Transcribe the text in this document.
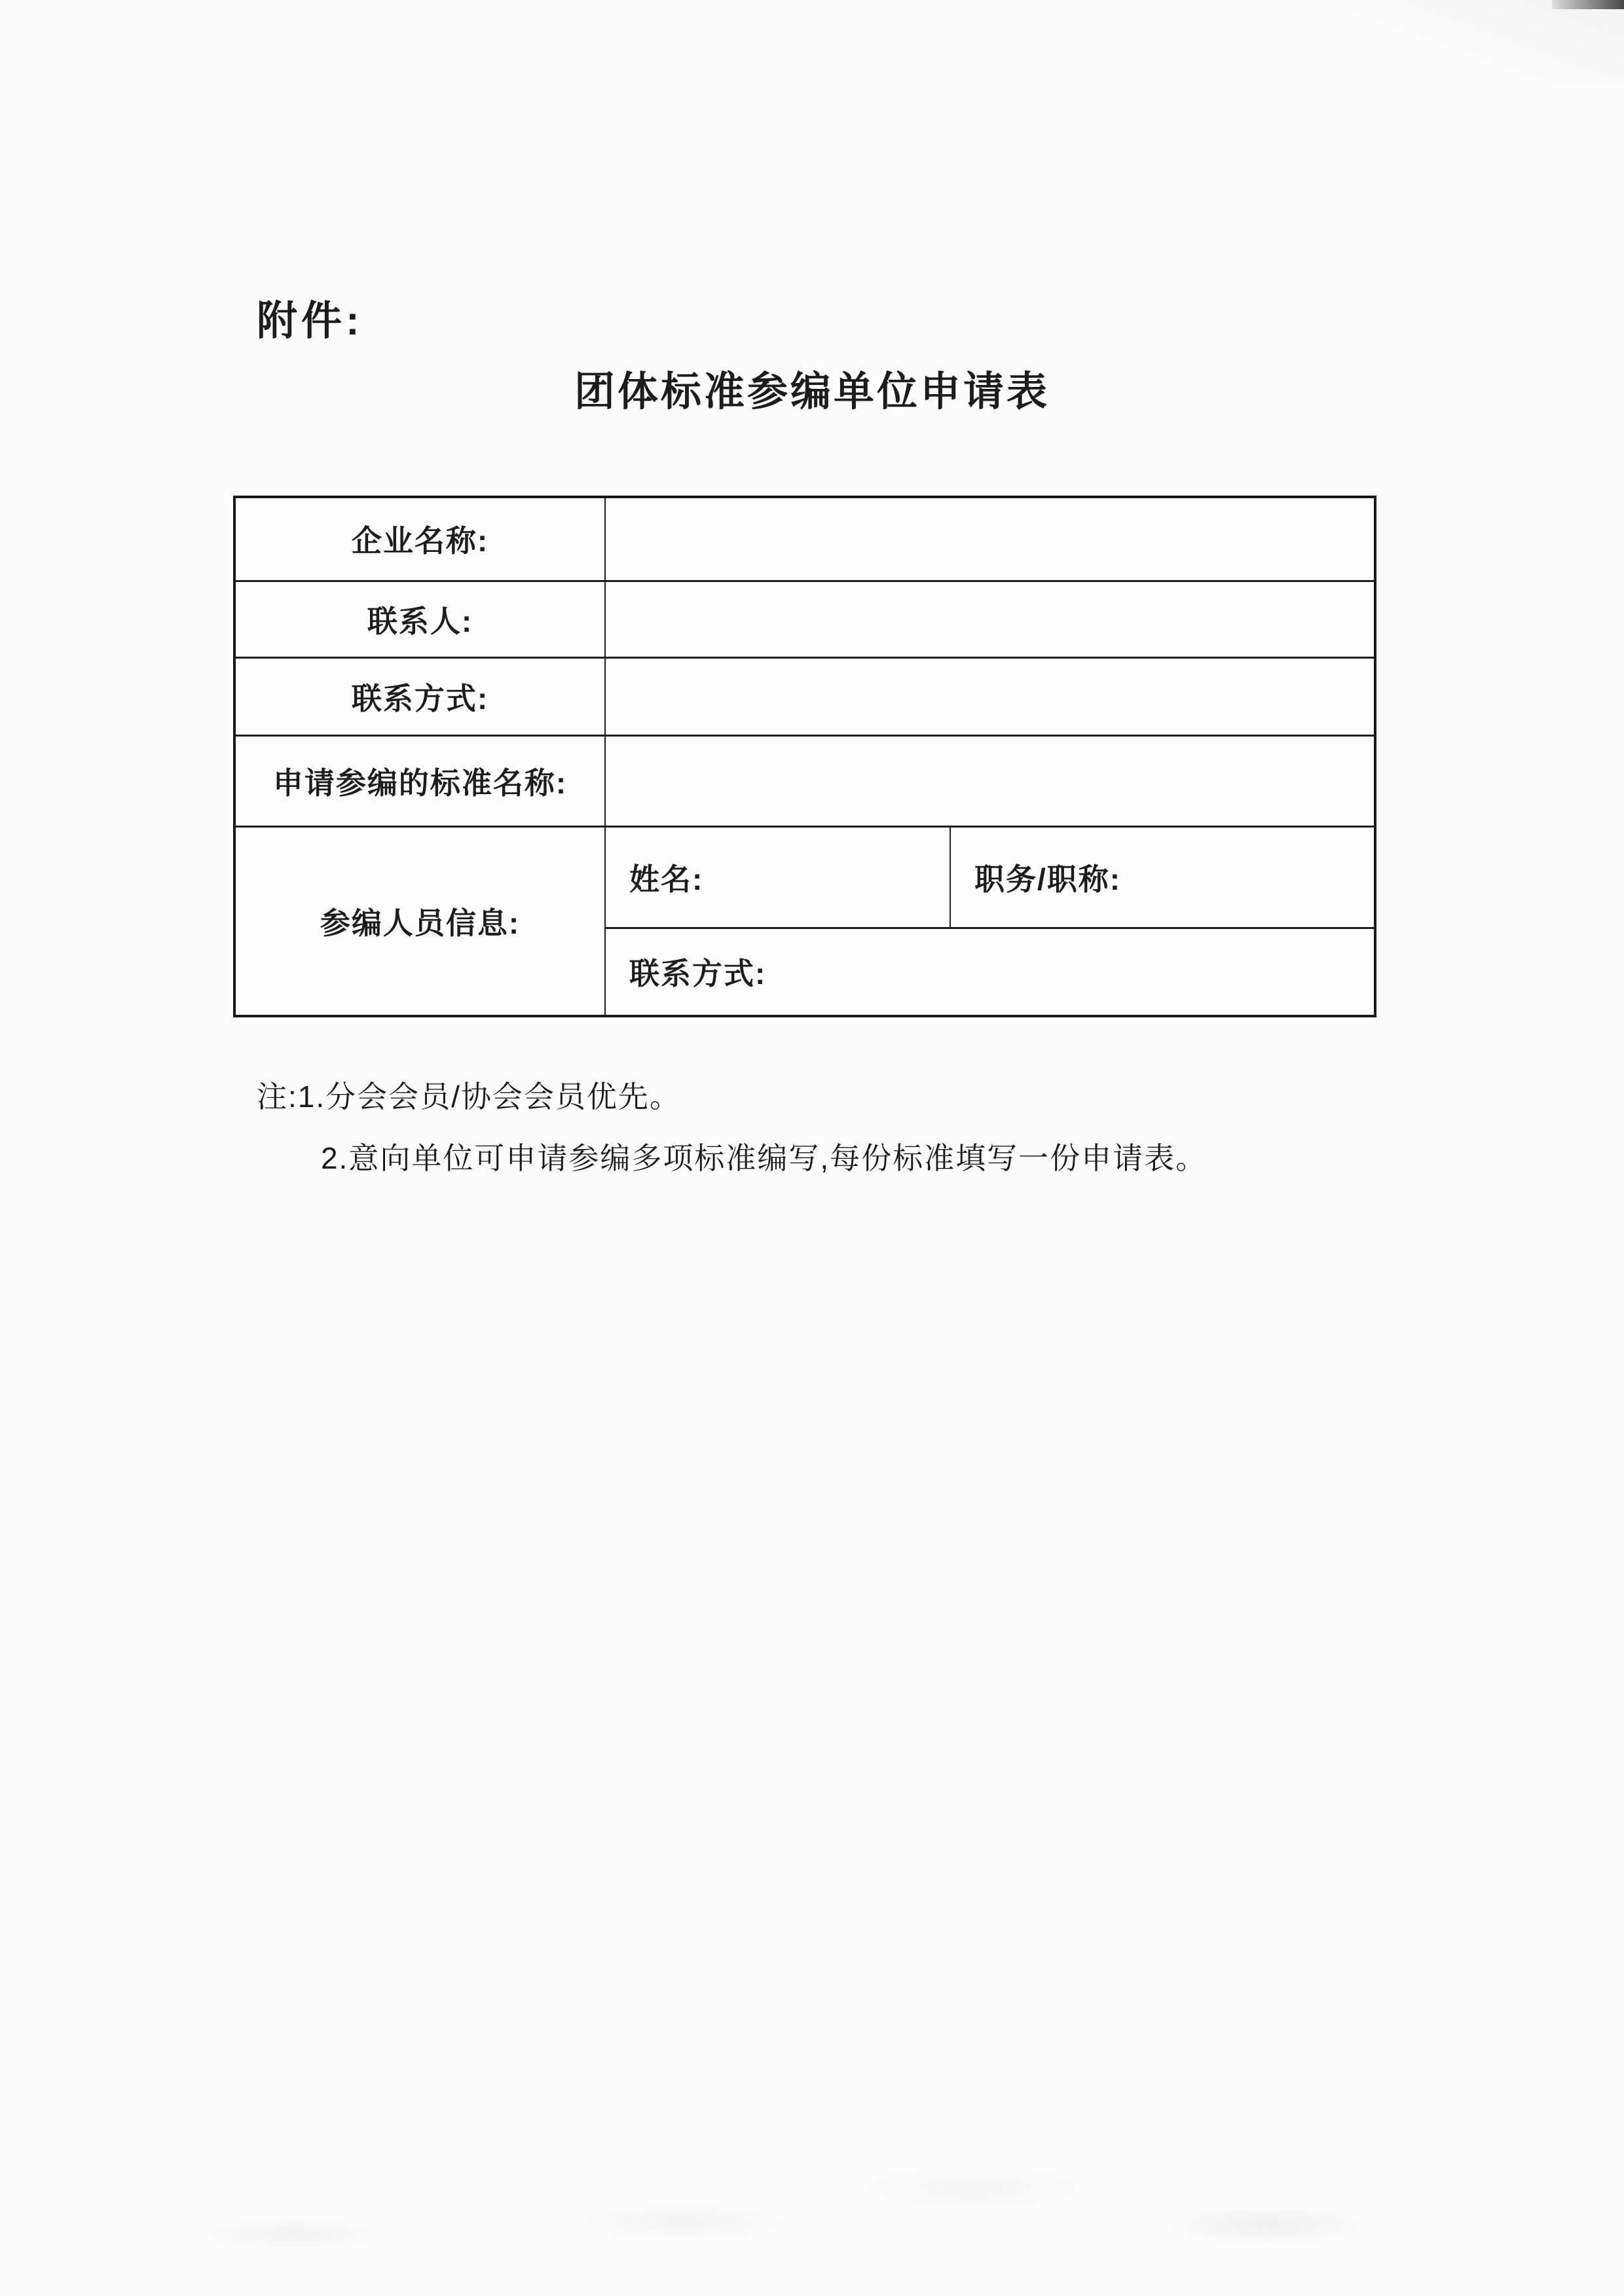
附件:
团体标准参编单位申请表
企业名称:		
联系人:		
联系方式:		
申请参编的标准名称:		
参编人员信息:	姓名:	职务/职称:
	联系方式:	
注:1.分会会员/协会会员优先。
2.意向单位可申请参编多项标准编写,每份标准填写一份申请表。
